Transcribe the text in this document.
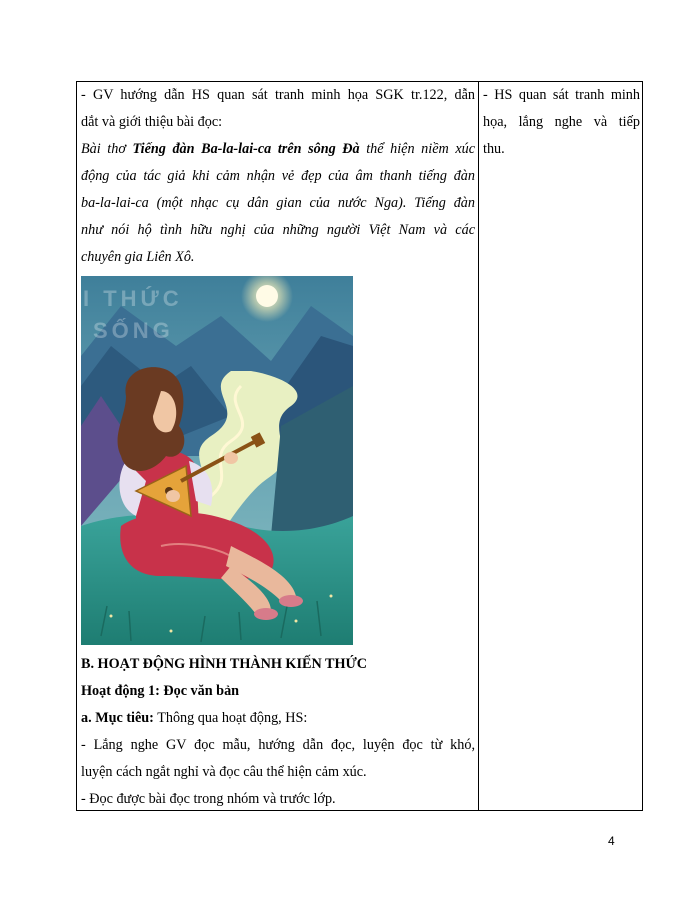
- GV hướng dẫn HS quan sát tranh minh họa SGK tr.122, dẫn

dắt và giới thiệu bài đọc:

Bài thơ Tiếng đàn Ba-la-lai-ca trên sông Đà thể hiện niềm xúc

động của tác giả khi cảm nhận vẻ đẹp của âm thanh tiếng đàn

ba-la-lai-ca (một nhạc cụ dân gian của nước Nga). Tiếng đàn

như nói hộ tình hữu nghị của những người Việt Nam và các

chuyên gia Liên Xô.

I THỨC
SỐNG

B. HOẠT ĐỘNG HÌNH THÀNH KIẾN THỨC

Hoạt động 1: Đọc văn bản

a. Mục tiêu: Thông qua hoạt động, HS:

- Lắng nghe GV đọc mẫu, hướng dẫn đọc, luyện đọc từ khó,

luyện cách ngắt nghỉ và đọc câu thể hiện cảm xúc.

- Đọc được bài đọc trong nhóm và trước lớp.

- HS quan sát tranh minh

họa, lắng nghe và tiếp

thu.

4
